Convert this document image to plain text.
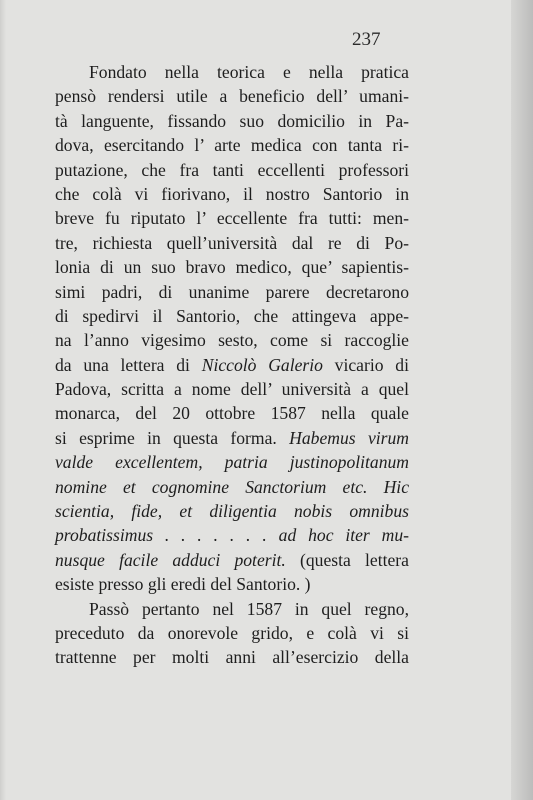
237
Fondato nella teorica e nella pratica
pensò rendersi utile a beneficio dell’ umani-
tà languente, fissando suo domicilio in Pa-
dova, esercitando l’ arte medica con tanta ri-
putazione, che fra tanti eccellenti professori
che colà vi fiorivano, il nostro Santorio in
breve fu riputato l’ eccellente fra tutti: men-
tre, richiesta quell’università dal re di Po-
lonia di un suo bravo medico, que’ sapientis-
simi padri, di unanime parere decretarono
di spedirvi il Santorio, che attingeva appe-
na l’anno vigesimo sesto, come si raccoglie
da una lettera di Niccolò Galerio vicario di
Padova, scritta a nome dell’ università a quel
monarca, del 20 ottobre 1587 nella quale
si esprime in questa forma. Habemus virum
valde excellentem, patria justinopolitanum
nomine et cognomine Sanctorium etc. Hic
scientia, fide, et diligentia nobis omnibus
probatissimus . . . . . . . ad hoc iter mu-
nusque facile adduci poterit. (questa lettera
esiste presso gli eredi del Santorio. )
Passò pertanto nel 1587 in quel regno,
preceduto da onorevole grido, e colà vi si
trattenne per molti anni all’esercizio della
